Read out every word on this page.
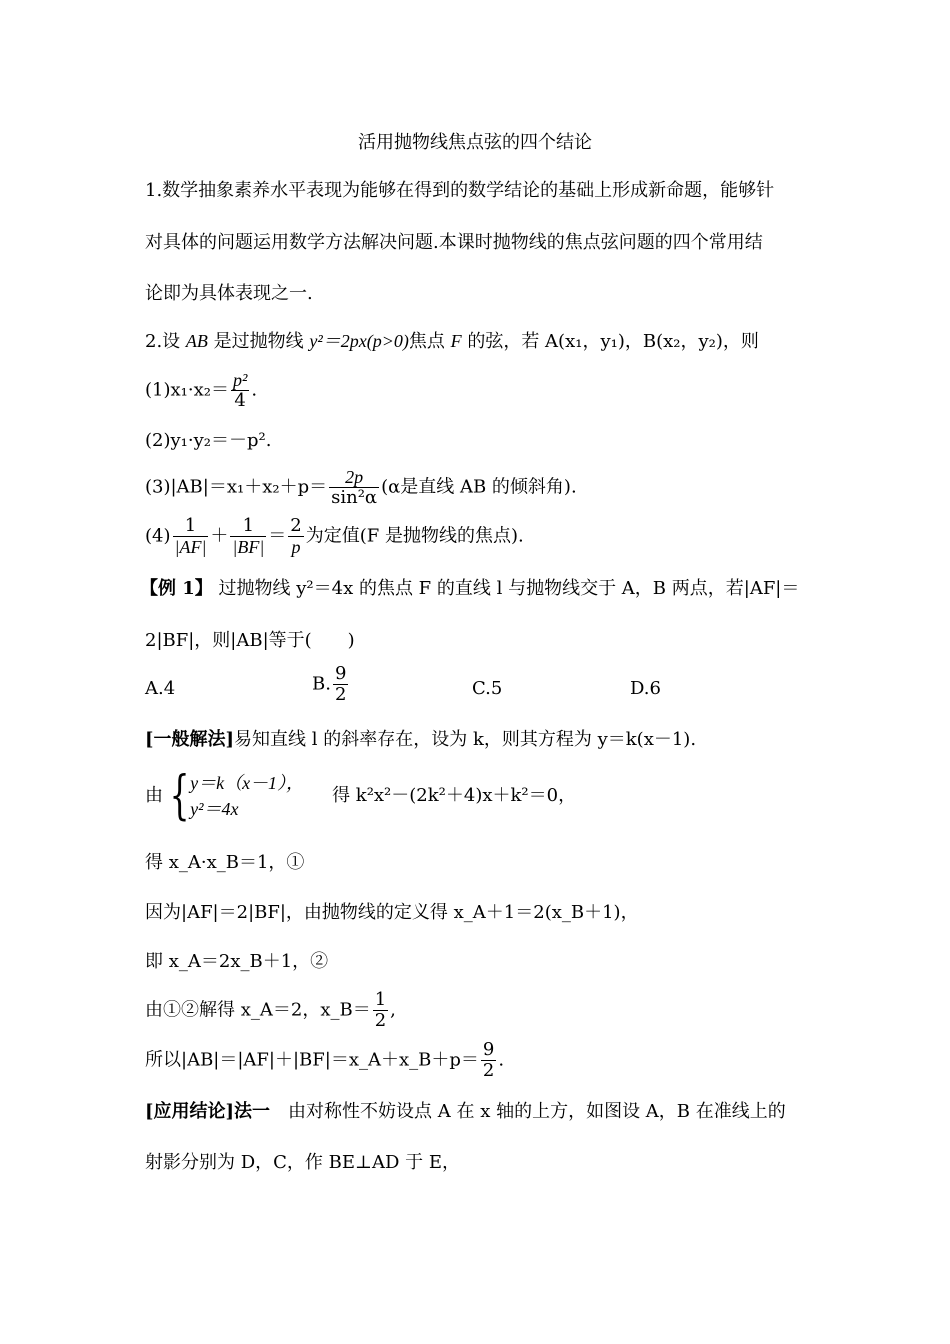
活用抛物线焦点弦的四个结论
1.数学抽象素养水平表现为能够在得到的数学结论的基础上形成新命题，能够针
对具体的问题运用数学方法解决问题.本课时抛物线的焦点弦问题的四个常用结
论即为具体表现之一.
2.设 AB 是过抛物线 y²＝2px(p>0)焦点 F 的弦，若 A(x₁，y₁)，B(x₂，y₂)，则
$(1)x_1\cdot x_2= \frac{\text{p²}}{4}$ .
(2)y₁·y₂＝－p².
$(3)|AB|=x_1+x_2+p= \frac{2p}{\text{sin²α}} (\alpha$是直线 AB 的倾斜角).
$(4) \frac{1}{|AF|} + \frac{1}{|BF|} = \frac{2}{p}$ 为定值(F 是抛物线的焦点).
【例 1】 过抛物线 y²＝4x 的焦点 F 的直线 l 与抛物线交于 A，B 两点，若|AF|＝
2|BF|，则|AB|等于(　　)
A.4	B. $\frac{9}{2}$	C.5	D.6
[一般解法]易知直线 l 的斜率存在，设为 k，则其方程为 y＝k(x－1).
由 { y＝k（x－1），
y²＝4x
得 k²x²－(2k²＋4)x＋k²＝0，
得 x_A·x_B＝1，①
因为|AF|＝2|BF|，由抛物线的定义得 x_A＋1＝2(x_B＋1)，
即 x_A＝2x_B＋1，②
由①②解得 x_A＝2，x_B＝ $\frac{1}{2}$ ,
所以|AB|＝|AF|＋|BF|＝x_A＋x_B＋p＝ $\frac{9}{2}$ .
[应用结论]法一　由对称性不妨设点 A 在 x 轴的上方，如图设 A，B 在准线上的
射影分别为 D，C，作 BE⊥AD 于 E，
